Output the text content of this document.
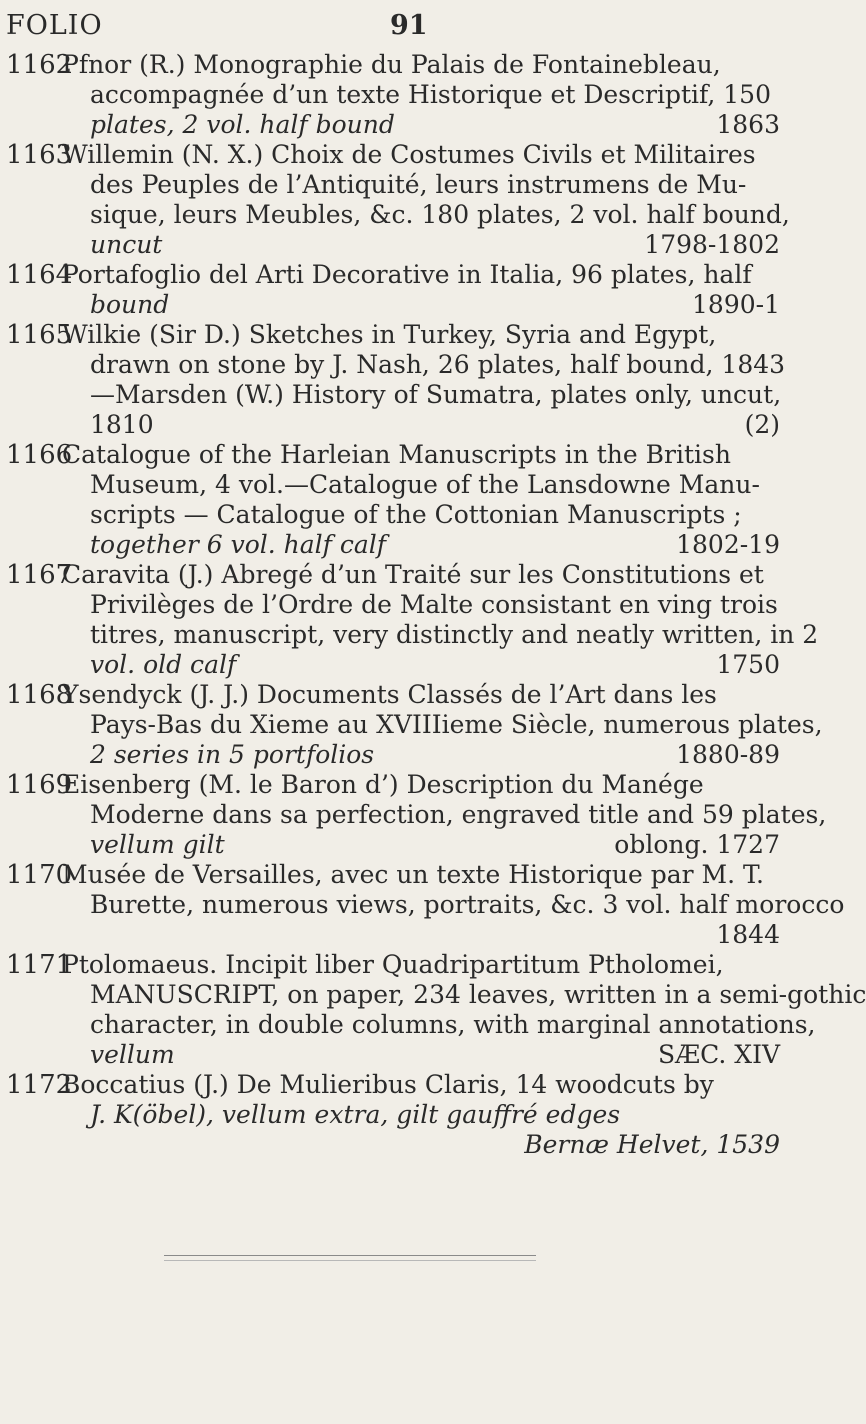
FOLIO	91
1162
Pfnor (R.) Monographie du Palais de Fontainebleau,
accompagnée d’un texte Historique et Descriptif, 150
plates, 2 vol. half bound	1863
1163
Willemin (N. X.) Choix de Costumes Civils et Militaires
des Peuples de l’Antiquité, leurs instrumens de Mu-
sique, leurs Meubles, &c. 180 plates, 2 vol. half bound,
uncut	1798-1802
1164
Portafoglio del Arti Decorative in Italia, 96 plates, half
bound	1890-1
1165
Wilkie (Sir D.) Sketches in Turkey, Syria and Egypt,
drawn on stone by J. Nash, 26 plates, half bound, 1843
—Marsden (W.) History of Sumatra, plates only, uncut,
1810	(2)
1166
Catalogue of the Harleian Manuscripts in the British
Museum, 4 vol.—Catalogue of the Lansdowne Manu-
scripts — Catalogue of the Cottonian Manuscripts ;
together 6 vol. half calf	1802-19
1167
Caravita (J.) Abregé d’un Traité sur les Constitutions et
Privilèges de l’Ordre de Malte consistant en ving trois
titres, manuscript, very distinctly and neatly written, in 2
vol. old calf	1750
1168
Ysendyck (J. J.) Documents Classés de l’Art dans les
Pays-Bas du Xieme au XVIIIieme Siècle, numerous plates,
2 series in 5 portfolios	1880-89
1169
Eisenberg (M. le Baron d’) Description du Manége
Moderne dans sa perfection, engraved title and 59 plates,
vellum gilt	oblong. 1727
1170
Musée de Versailles, avec un texte Historique par M. T.
Burette, numerous views, portraits, &c. 3 vol. half morocco
1844
1171
Ptolomaeus. Incipit liber Quadripartitum Ptholomei,
MANUSCRIPT, on paper, 234 leaves, written in a semi-gothic
character, in double columns, with marginal annotations,
vellum	SÆC. XIV
1172
Boccatius (J.) De Mulieribus Claris, 14 woodcuts by
J. K(öbel), vellum extra, gilt gauffré edges
Bernæ Helvet, 1539
